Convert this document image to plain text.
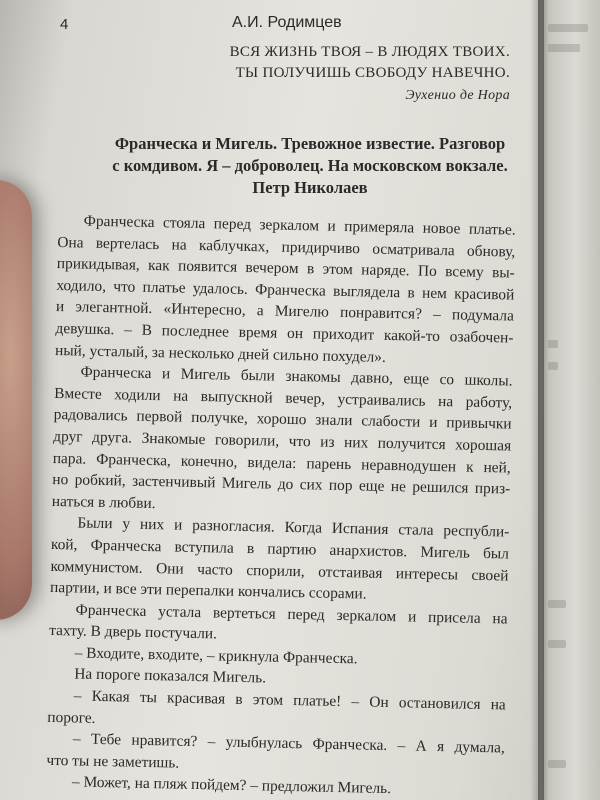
4	А.И. Родимцев
ВСЯ ЖИЗНЬ ТВОЯ – В ЛЮДЯХ ТВОИХ.
ТЫ ПОЛУЧИШЬ СВОБОДУ НАВЕЧНО.
Эухенио де Нора
Франческа и Мигель. Тревожное известие. Разговор
с комдивом. Я – доброволец. На московском вокзале.
Петр Николаев
Франческа стояла перед зеркалом и примеряла новое платье.
Она вертелась на каблучках, придирчиво осматривала обнову,
прикидывая, как появится вечером в этом наряде. По всему вы-
ходило, что платье удалось. Франческа выглядела в нем красивой
и элегантной. «Интересно, а Мигелю понравится? – подумала
девушка. – В последнее время он приходит какой-то озабочен-
ный, усталый, за несколько дней сильно похудел».
Франческа и Мигель были знакомы давно, еще со школы.
Вместе ходили на выпускной вечер, устраивались на работу,
радовались первой получке, хорошо знали слабости и привычки
друг друга. Знакомые говорили, что из них получится хорошая
пара. Франческа, конечно, видела: парень неравнодушен к ней,
но робкий, застенчивый Мигель до сих пор еще не решился приз-
наться в любви.
Были у них и разногласия. Когда Испания стала республи-
кой, Франческа вступила в партию анархистов. Мигель был
коммунистом. Они часто спорили, отстаивая интересы своей
партии, и все эти перепалки кончались ссорами.
Франческа устала вертеться перед зеркалом и присела на
тахту. В дверь постучали.
– Входите, входите, – крикнула Франческа.
На пороге показался Мигель.
– Какая ты красивая в этом платье! – Он остановился на
пороге.
– Тебе нравится? – улыбнулась Франческа. – А я думала,
что ты не заметишь.
– Может, на пляж пойдем? – предложил Мигель.
